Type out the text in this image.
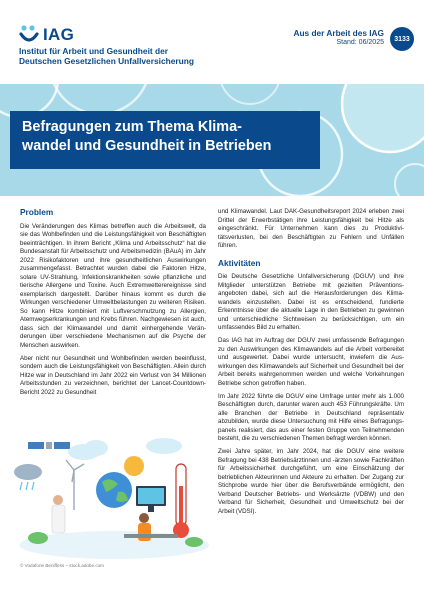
IAG
Institut für Arbeit und Gesundheit der
Deutschen Gesetzlichen Unfallversicherung
Aus der Arbeit des IAG
Stand: 06/2025	3133
Befragungen zum Thema Klima-
wandel und Gesundheit in Betrieben
Problem

Die Veränderungen des Klimas betreffen auch die Arbeitswelt, da sie das Wohlbefinden und die Leistungsfähigkeit von Beschäftigten beeinträchtigen. In ihrem Bericht „Klima und Arbeitsschutz“ hat die Bundesanstalt für Arbeitsschutz und Arbeitsmedizin (BAuA) im Jahr 2022 Risikofaktoren und ihre gesundheitlichen Auswirkungen zusammengefasst. Betrachtet wurden dabei die Faktoren Hitze, solare UV-Strahlung, Infektionskrankheiten sowie pflanzliche und tierische Allergene und Toxine. Auch Extremwetterereignisse sind exemplarisch dargestellt. Darüber hinaus kommt es durch die Wirkungen verschiedener Umweltbelastungen zu weiteren Risiken. So kann Hitze kombiniert mit Luftverschmutzung zu Allergien, Atemwegserkrankungen und Krebs führen. Nachgewiesen ist auch, dass sich der Klimawandel und damit einhergehende Veränderungen über verschiedene Mechanismen auf die Psyche der Menschen auswirken.

Aber nicht nur Gesundheit und Wohlbefinden werden beeinflusst, sondern auch die Leistungsfähigkeit von Beschäftigten. Allein durch Hitze war in Deutschland im Jahr 2022 ein Verlust von 34 Millionen Arbeitsstunden zu verzeichnen, berichtet der Lancet-Countdown-Bericht 2022 zu Gesundheit

© Vodafone Beniffess – stock.adobe.com

und Klimawandel. Laut DAK-Gesundheitsreport 2024 erleben zwei Drittel der Erwerbstätigen ihre Leistungsfähigkeit bei Hitze als eingeschränkt. Für Unternehmen kann dies zu Produktivitätsverlusten, bei den Beschäftigten zu Fehlern und Unfällen führen.

Aktivitäten

Die Deutsche Gesetzliche Unfallversicherung (DGUV) und ihre Mitglieder unterstützen Betriebe mit gezielten Präventionsangeboten dabei, sich auf die Herausforderungen des Klimawandels einzustellen. Dabei ist es entscheidend, fundierte Erkenntnisse über die aktuelle Lage in den Betrieben zu gewinnen und unterschiedliche Sichtweisen zu berücksichtigen, um ein umfassendes Bild zu erhalten.

Das IAG hat im Auftrag der DGUV zwei umfassende Befragungen zu den Auswirkungen des Klimawandels auf die Arbeit vorbereitet und ausgewertet. Dabei wurde untersucht, inwiefern die Auswirkungen des Klimawandels auf Sicherheit und Gesundheit bei der Arbeit bereits wahrgenommen werden und welche Vorkehrungen Betriebe schon getroffen haben.

Im Jahr 2022 führte die DGUV eine Umfrage unter mehr als 1.000 Beschäftigten durch, darunter waren auch 453 Führungskräfte. Um alle Branchen der Betriebe in Deutschland repräsentativ abzubilden, wurde diese Untersuchung mit Hilfe eines Befragungspanels realisiert, das aus einer festen Gruppe von Teilnehmenden besteht, die zu verschiedenen Themen befragt werden können.

Zwei Jahre später, im Jahr 2024, hat die DGUV eine weitere Befragung bei 438 Betriebsärztinnen und -ärzten sowie Fachkräften für Arbeitssicherheit durchgeführt, um eine Einschätzung der betrieblichen Akteurinnen und Akteure zu erhalten. Der Zugang zur Stichprobe wurde hier über die Berufsverbände ermöglicht, den Verband Deutscher Betriebs- und Werksärzte (VDBW) und den Verband für Sicherheit, Gesundheit und Umweltschutz bei der Arbeit (VDSI).
